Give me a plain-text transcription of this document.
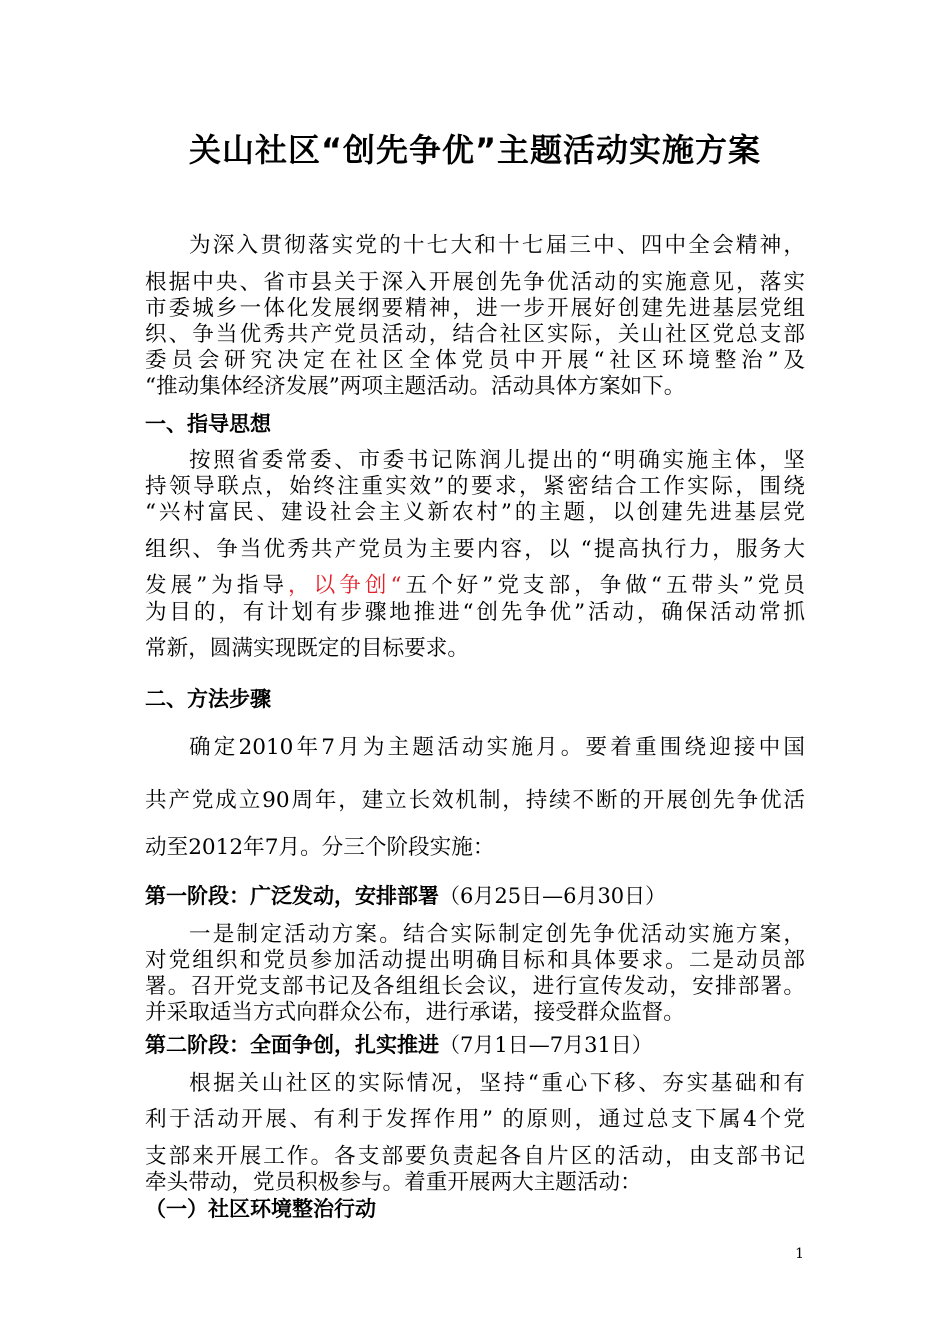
关山社区“创先争优”主题活动实施方案
为深入贯彻落实党的十七大和十七届三中、四中全会精神，
根据中央、省市县关于深入开展创先争优活动的实施意见，落实
市委城乡一体化发展纲要精神，进一步开展好创建先进基层党组
织、争当优秀共产党员活动，结合社区实际，关山社区党总支部
委员会研究决定在社区全体党员中开展“社区环境整治”及
“推动集体经济发展”两项主题活动。活动具体方案如下。
一、指导思想
按照省委常委、市委书记陈润儿提出的“明确实施主体，坚
持领导联点，始终注重实效”的要求，紧密结合工作实际，围绕
“兴村富民、建设社会主义新农村”的主题，以创建先进基层党
组织、争当优秀共产党员为主要内容，以 “提高执行力，服务大
发展”为指导，以争创“五个好”党支部，争做“五带头”党员
为目的，有计划有步骤地推进“创先争优”活动，确保活动常抓
常新，圆满实现既定的目标要求。
二、方法步骤
确定2010年7月为主题活动实施月。要着重围绕迎接中国
共产党成立90周年，建立长效机制，持续不断的开展创先争优活
动至2012年7月。分三个阶段实施：
第一阶段：广泛发动，安排部署（6月25日—6月30日）
一是制定活动方案。结合实际制定创先争优活动实施方案，
对党组织和党员参加活动提出明确目标和具体要求。二是动员部
署。召开党支部书记及各组组长会议，进行宣传发动，安排部署。
并采取适当方式向群众公布，进行承诺，接受群众监督。
第二阶段：全面争创，扎实推进（7月1日—7月31日）
根据关山社区的实际情况，坚持“重心下移、夯实基础和有
利于活动开展、有利于发挥作用” 的原则，通过总支下属4个党
支部来开展工作。各支部要负责起各自片区的活动，由支部书记
牵头带动，党员积极参与。着重开展两大主题活动：
（一）社区环境整治行动
1
